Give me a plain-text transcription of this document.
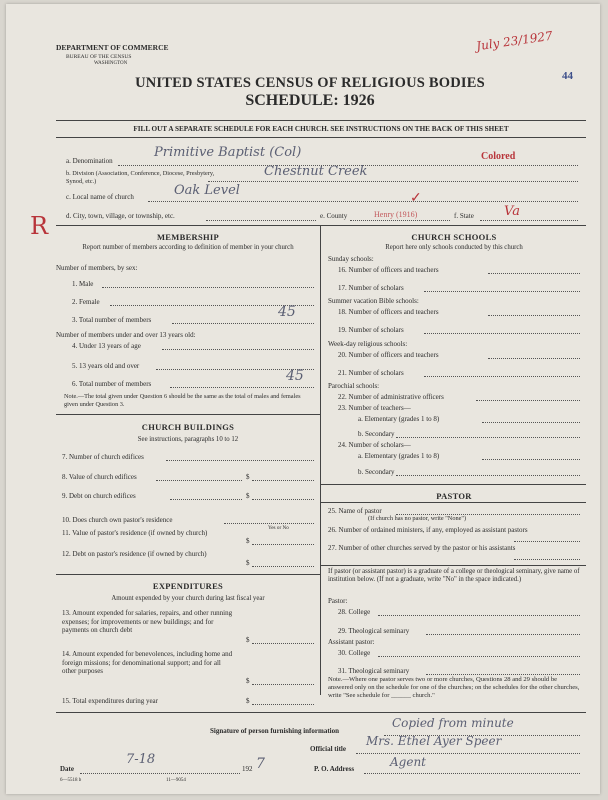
DEPARTMENT OF COMMERCE
BUREAU OF THE CENSUS
WASHINGTON
UNITED STATES CENSUS OF RELIGIOUS BODIES
SCHEDULE: 1926
July 23/1927
44
FILL OUT A SEPARATE SCHEDULE FOR EACH CHURCH. SEE INSTRUCTIONS ON THE BACK OF THIS SHEET
a. Denomination
Primitive Baptist (Col)	Colored
b. Division (Association, Conference, Diocese, Presbytery, Synod, etc.)
Chestnut Creek
c. Local name of church	Oak Level
d. City, town, village, or township, etc.	e. County	Henry (1916)
✓
f. State Va
R	MEMBERSHIP
Report number of members according to definition of member in your church
Number of members, by sex:
1. Male
2. Female
3. Total number of members	45
Number of members under and over 13 years old:
4. Under 13 years of age
5. 13 years old and over
6. Total number of members	45
Note.—The total given under Question 6 should be the same as the total of males and females given under Question 3.
CHURCH BUILDINGS
See instructions, paragraphs 10 to 12
7. Number of church edifices
8. Value of church edifices	$
9. Debt on church edifices	$
10. Does church own pastor's residence
Yes or No
11. Value of pastor's residence (if owned by church)
$
12. Debt on pastor's residence (if owned by church)
$
EXPENDITURES
Amount expended by your church during last fiscal year
13. Amount expended for salaries, repairs, and other running expenses; for improvements or new buildings; and for payments on church debt
$
14. Amount expended for benevolences, including home and foreign missions; for denominational support; and for all other purposes
$
15. Total expenditures during year	$
CHURCH SCHOOLS
Report here only schools conducted by this church
Sunday schools:
16. Number of officers and teachers
17. Number of scholars
Summer vacation Bible schools:
18. Number of officers and teachers
19. Number of scholars
Week-day religious schools:
20. Number of officers and teachers
21. Number of scholars
Parochial schools:
22. Number of administrative officers
23. Number of teachers—
a. Elementary (grades 1 to 8)
b. Secondary
24. Number of scholars—
a. Elementary (grades 1 to 8)
b. Secondary
PASTOR
25. Name of pastor
(If church has no pastor, write "None")
26. Number of ordained ministers, if any, employed as assistant pastors
27. Number of other churches served by the pastor or his assistants
If pastor (or assistant pastor) is a graduate of a college or theological seminary, give name of institution below. (If not a graduate, write "No" in the space indicated.)
Pastor:
28. College
29. Theological seminary
Assistant pastor:
30. College
31. Theological seminary
Note.—Where one pastor serves two or more churches, Questions 28 and 29 should be answered only on the schedule for one of the churches; on the schedules for the other churches, write "See schedule for ______ church."
Signature of person furnishing information
Copied from minute
Official title
Mrs. Ethel Ayer Speer
Date
7-18
192 7	P. O. Address	Agent
6—5518 b	11—9054
